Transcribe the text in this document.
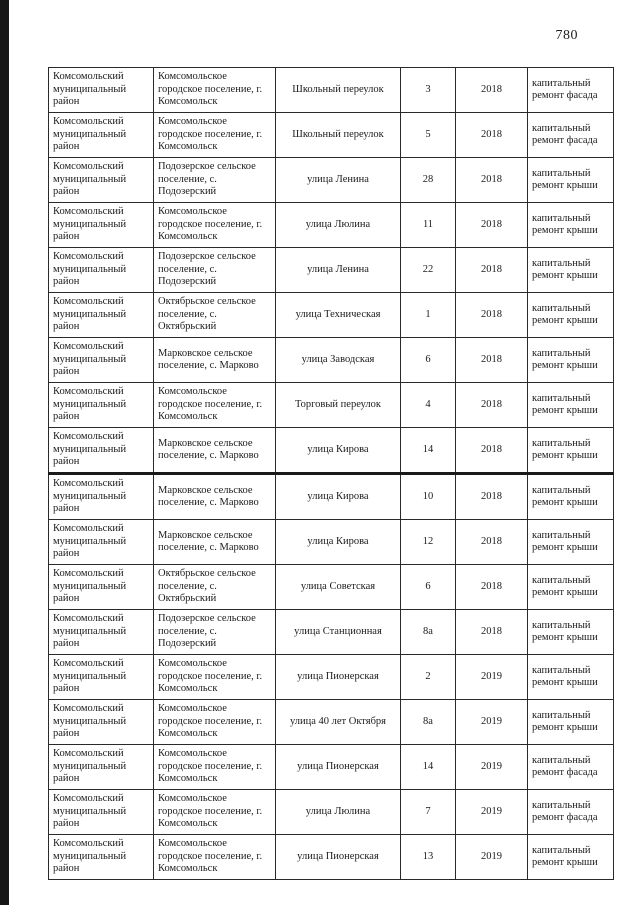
780
Комсомольский муниципальный район	Комсомольское городское поселение, г. Комсомольск	Школьный переулок	3	2018	капитальный ремонт фасада
Комсомольский муниципальный район	Комсомольское городское поселение, г. Комсомольск	Школьный переулок	5	2018	капитальный ремонт фасада
Комсомольский муниципальный район	Подозерское сельское поселение, с. Подозерский	улица Ленина	28	2018	капитальный ремонт крыши
Комсомольский муниципальный район	Комсомольское городское поселение, г. Комсомольск	улица Люлина	11	2018	капитальный ремонт крыши
Комсомольский муниципальный район	Подозерское сельское поселение, с. Подозерский	улица Ленина	22	2018	капитальный ремонт крыши
Комсомольский муниципальный район	Октябрьское сельское поселение, с. Октябрьский	улица Техническая	1	2018	капитальный ремонт крыши
Комсомольский муниципальный район	Марковское сельское поселение, с. Марково	улица Заводская	6	2018	капитальный ремонт крыши
Комсомольский муниципальный район	Комсомольское городское поселение, г. Комсомольск	Торговый переулок	4	2018	капитальный ремонт крыши
Комсомольский муниципальный район	Марковское сельское поселение, с. Марково	улица Кирова	14	2018	капитальный ремонт крыши
Комсомольский муниципальный район	Марковское сельское поселение, с. Марково	улица Кирова	10	2018	капитальный ремонт крыши
Комсомольский муниципальный район	Марковское сельское поселение, с. Марково	улица Кирова	12	2018	капитальный ремонт крыши
Комсомольский муниципальный район	Октябрьское сельское поселение, с. Октябрьский	улица Советская	6	2018	капитальный ремонт крыши
Комсомольский муниципальный район	Подозерское сельское поселение, с. Подозерский	улица Станционная	8а	2018	капитальный ремонт крыши
Комсомольский муниципальный район	Комсомольское городское поселение, г. Комсомольск	улица Пионерская	2	2019	капитальный ремонт крыши
Комсомольский муниципальный район	Комсомольское городское поселение, г. Комсомольск	улица 40 лет Октября	8а	2019	капитальный ремонт крыши
Комсомольский муниципальный район	Комсомольское городское поселение, г. Комсомольск	улица Пионерская	14	2019	капитальный ремонт фасада
Комсомольский муниципальный район	Комсомольское городское поселение, г. Комсомольск	улица Люлина	7	2019	капитальный ремонт фасада
Комсомольский муниципальный район	Комсомольское городское поселение, г. Комсомольск	улица Пионерская	13	2019	капитальный ремонт крыши
